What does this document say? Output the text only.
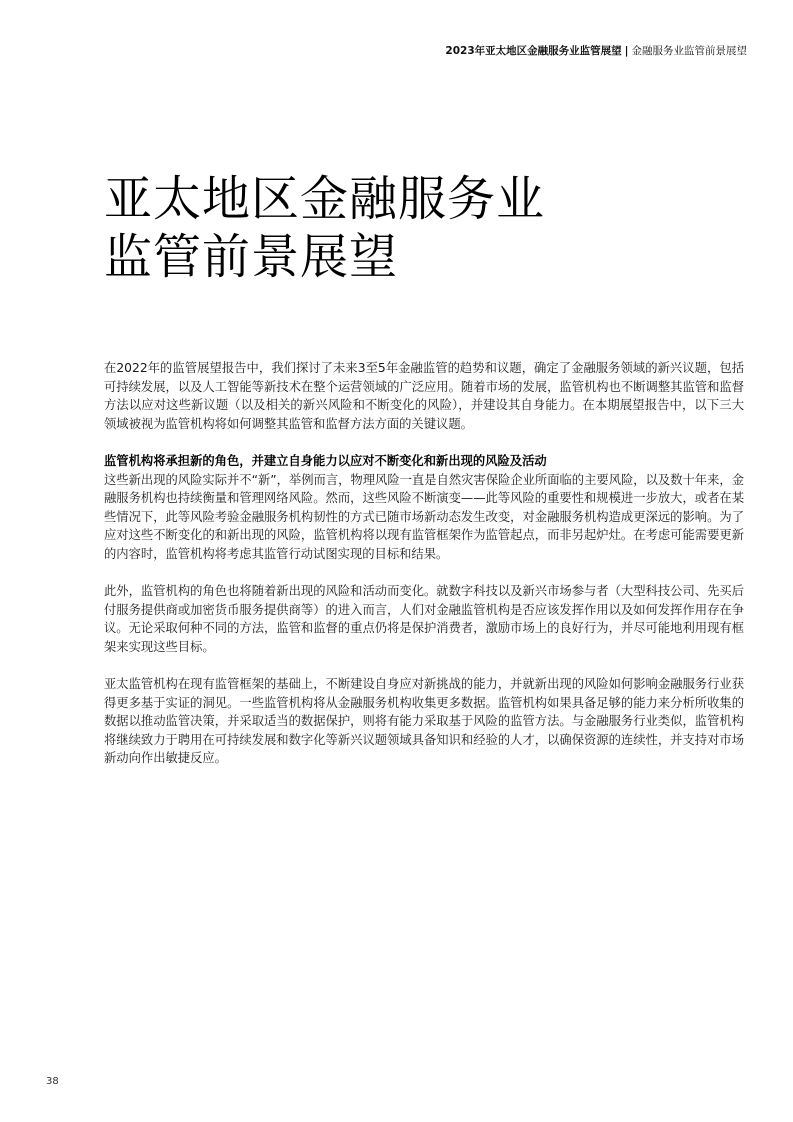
2023年亚太地区金融服务业监管展望 | 金融服务业监管前景展望
亚太地区金融服务业
监管前景展望

在2022年的监管展望报告中，我们探讨了未来3至5年金融监管的趋势和议题，确定了金融服务领域的新兴议题，包括可持续发展，以及人工智能等新技术在整个运营领域的广泛应用。随着市场的发展，监管机构也不断调整其监管和监督方法以应对这些新议题（以及相关的新兴风险和不断变化的风险），并建设其自身能力。在本期展望报告中，以下三大领域被视为监管机构将如何调整其监管和监督方法方面的关键议题。

监管机构将承担新的角色，并建立自身能力以应对不断变化和新出现的风险及活动

这些新出现的风险实际并不“新”，举例而言，物理风险一直是自然灾害保险企业所面临的主要风险，以及数十年来，金融服务机构也持续衡量和管理网络风险。然而，这些风险不断演变——此等风险的重要性和规模进一步放大，或者在某些情况下，此等风险考验金融服务机构韧性的方式已随市场新动态发生改变，对金融服务机构造成更深远的影响。为了应对这些不断变化的和新出现的风险，监管机构将以现有监管框架作为监管起点，而非另起炉灶。在考虑可能需要更新的内容时，监管机构将考虑其监管行动试图实现的目标和结果。

此外，监管机构的角色也将随着新出现的风险和活动而变化。就数字科技以及新兴市场参与者（大型科技公司、先买后付服务提供商或加密货币服务提供商等）的进入而言，人们对金融监管机构是否应该发挥作用以及如何发挥作用存在争议。无论采取何种不同的方法，监管和监督的重点仍将是保护消费者，激励市场上的良好行为，并尽可能地利用现有框架来实现这些目标。

亚太监管机构在现有监管框架的基础上，不断建设自身应对新挑战的能力，并就新出现的风险如何影响金融服务行业获得更多基于实证的洞见。一些监管机构将从金融服务机构收集更多数据。监管机构如果具备足够的能力来分析所收集的数据以推动监管决策，并采取适当的数据保护，则将有能力采取基于风险的监管方法。与金融服务行业类似，监管机构将继续致力于聘用在可持续发展和数字化等新兴议题领域具备知识和经验的人才，以确保资源的连续性，并支持对市场新动向作出敏捷反应。

38
